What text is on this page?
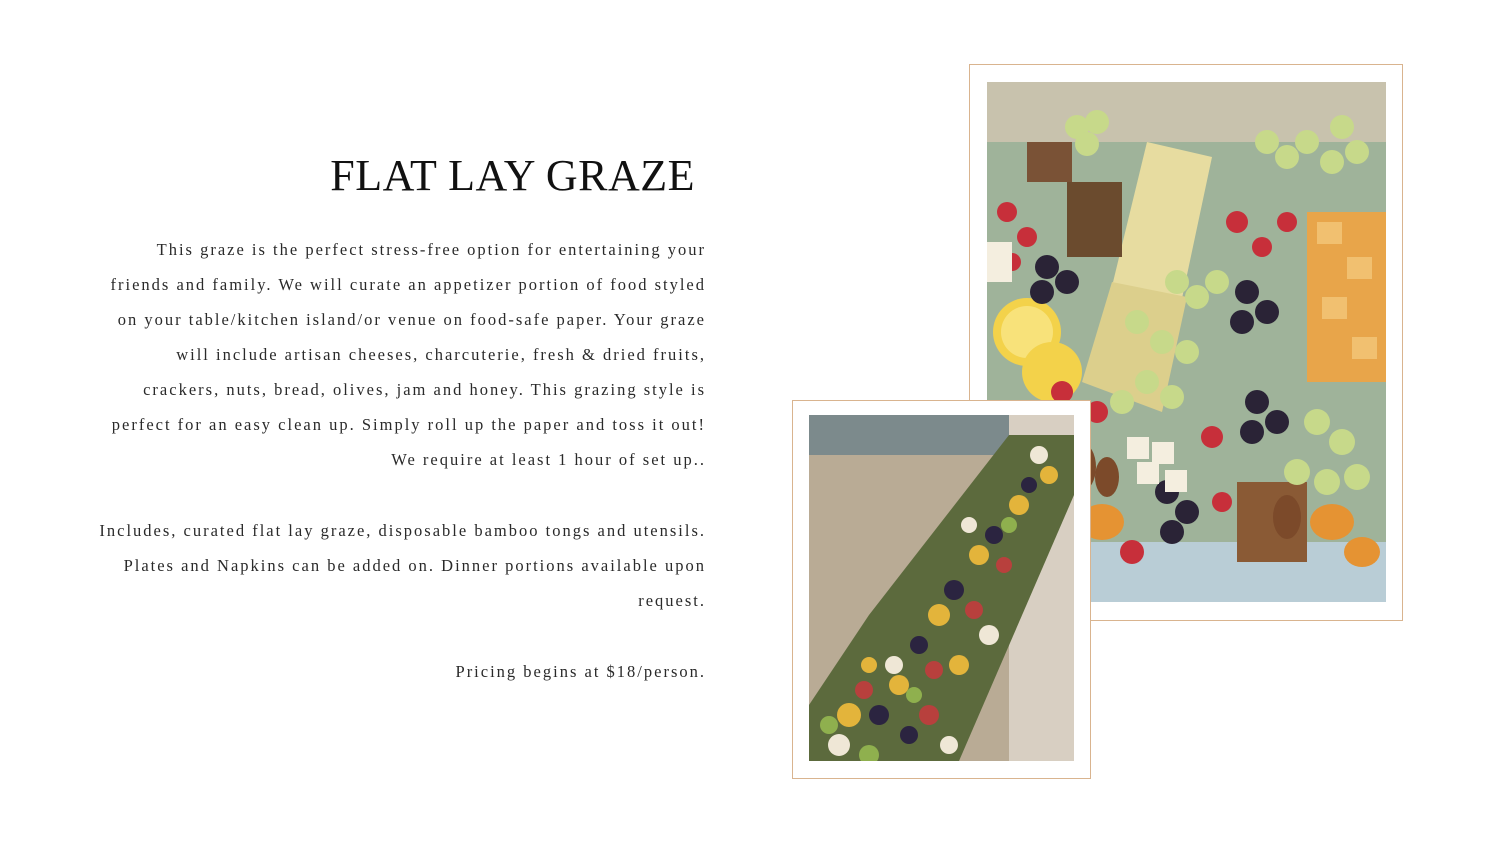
FLAT LAY GRAZE

This graze is the perfect stress-free option for entertaining your friends and family. We will curate an appetizer portion of food styled on your table/kitchen island/or venue on food-safe paper. Your graze will include artisan cheeses, charcuterie, fresh & dried fruits, crackers, nuts, bread, olives, jam and honey. This grazing style is perfect for an easy clean up. Simply roll up the paper and toss it out! We require at least 1 hour of set up..

Includes, curated flat lay graze, disposable bamboo tongs and utensils. Plates and Napkins can be added on. Dinner portions available upon request.

Pricing begins at $18/person.
